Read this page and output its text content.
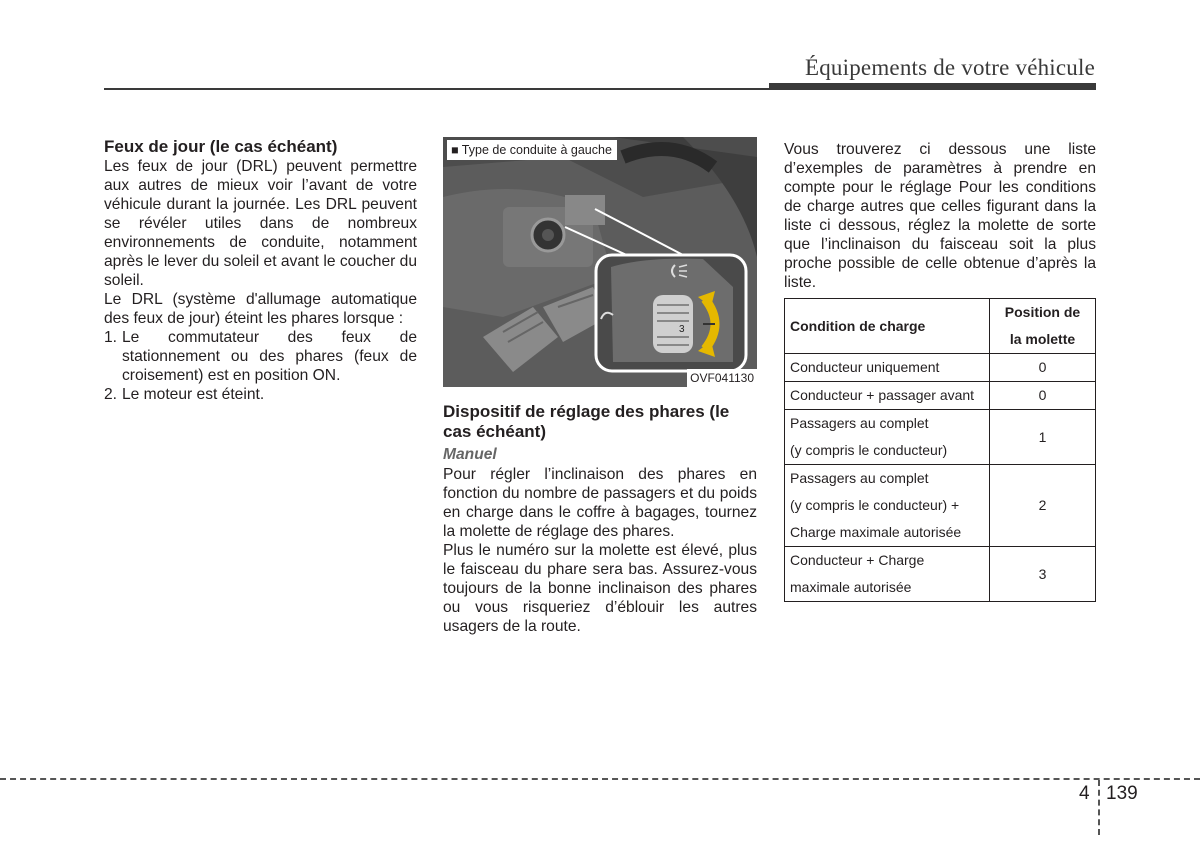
Équipements de votre véhicule
Feux de jour (le cas échéant)

Les feux de jour (DRL) peuvent permettre aux autres de mieux voir l’avant de votre véhicule durant la journée. Les DRL peuvent se révéler utiles dans de nombreux environnements de conduite, notamment après le lever du soleil et avant le coucher du soleil.

Le DRL (système d'allumage automatique des feux de jour) éteint les phares lorsque :

1. Le commutateur des feux de stationnement ou des phares (feux de croisement) est en position ON.
2. Le moteur est éteint.
3
■ Type de conduite à gauche
OVF041130
Dispositif de réglage des phares (le cas échéant)
Manuel

Pour régler l’inclinaison des phares en fonction du nombre de passagers et du poids en charge dans le coffre à bagages, tournez la molette de réglage des phares.

Plus le numéro sur la molette est élevé, plus le faisceau du phare sera bas. Assurez-vous toujours de la bonne inclinaison des phares ou vous risqueriez d’éblouir les autres usagers de la route.

Vous trouverez ci dessous une liste d’exemples de paramètres à prendre en compte pour le réglage Pour les conditions de charge autres que celles figurant dans la liste ci dessous, réglez la molette de sorte que l’inclinaison du faisceau soit la plus proche possible de celle obtenue d’après la liste.

Condition de charge	Position de
la molette

Conducteur uniquement	0

Conducteur + passager avant	0

Passagers au complet
(y compris le conducteur)	1

Passagers au complet
(y compris le conducteur) +
Charge maximale autorisée	2

Conducteur + Charge
maximale autorisée	3
4 139
